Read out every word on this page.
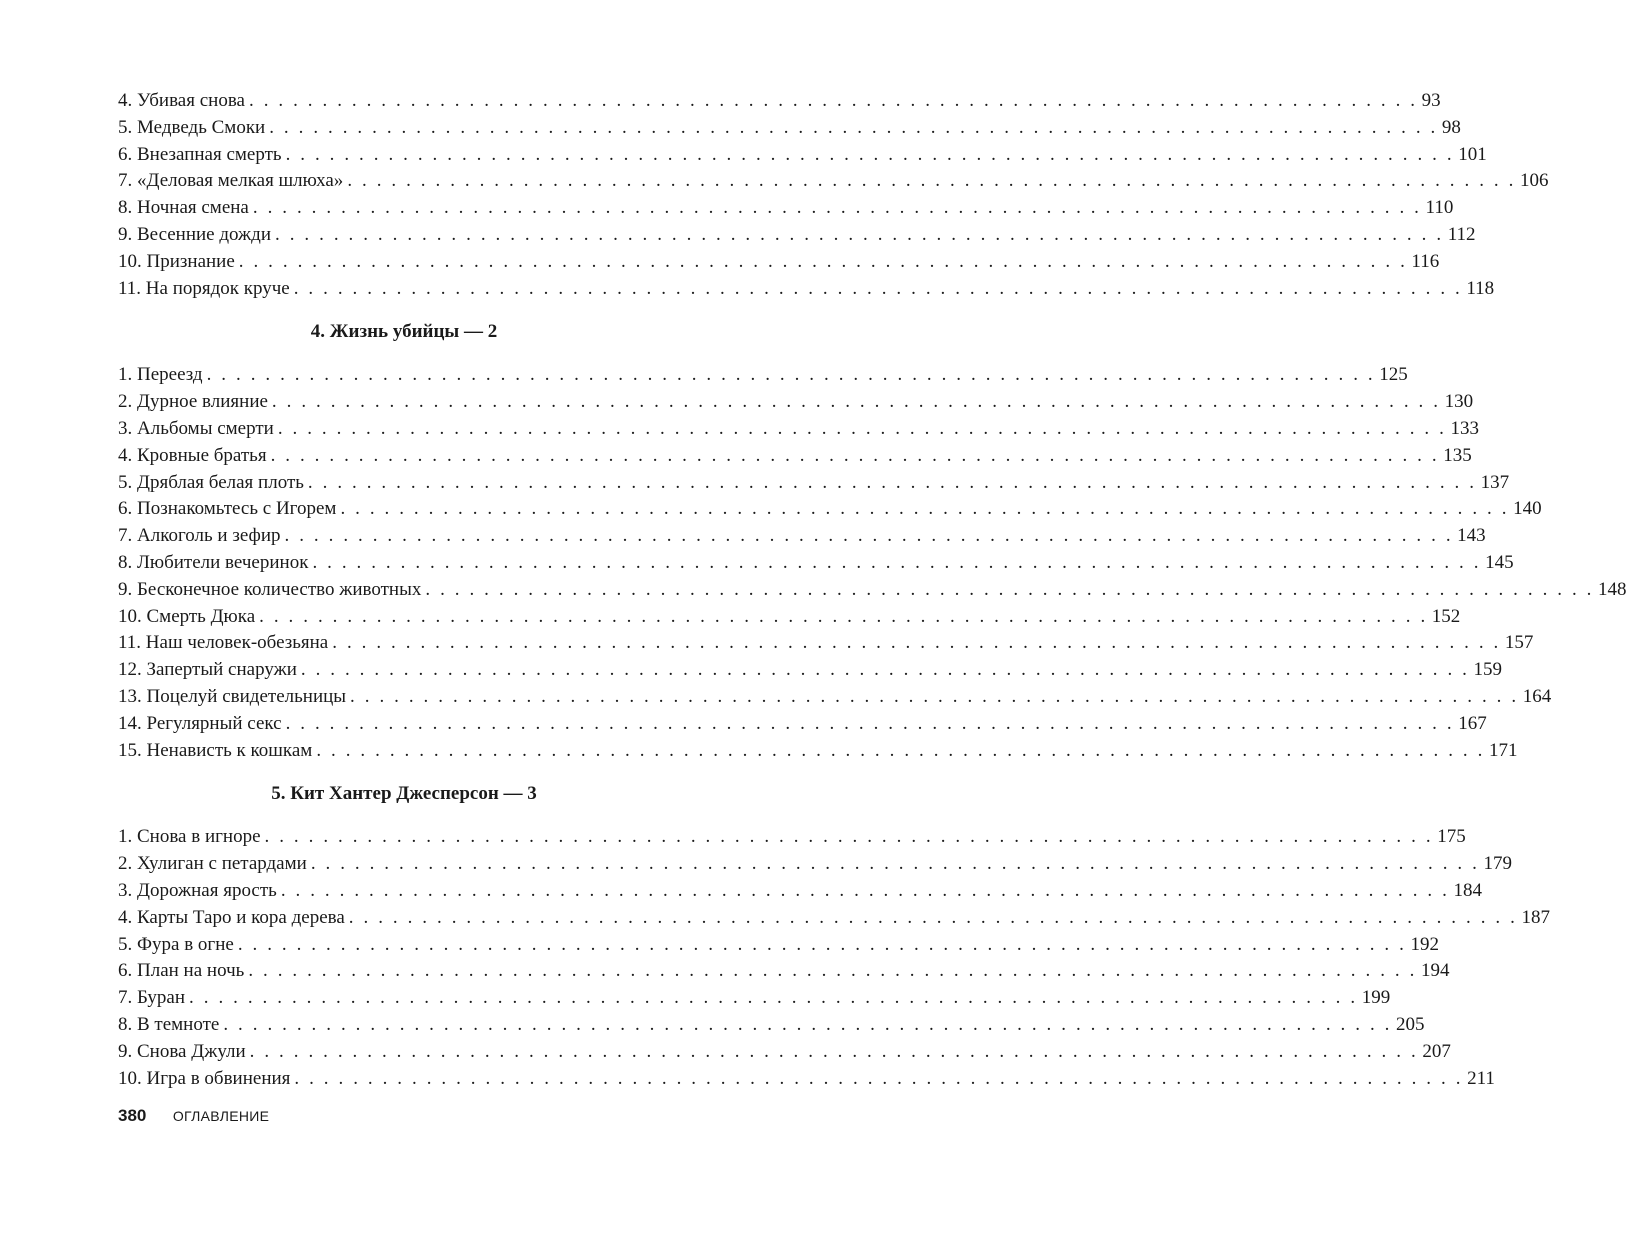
4. Убивая снова . . . . . . . . . . . . . . . . . . . . . . . . . . . . . . . . . . . . . . . . . . . . . . . . . . . . . . . . . . . . . . . . . . . . . . . . . . . . . . . . 93
5. Медведь Смоки . . . . . . . . . . . . . . . . . . . . . . . . . . . . . . . . . . . . . . . . . . . . . . . . . . . . . . . . . . . . . . . . . . . . . . . . . . . . . . . . 98
6. Внезапная смерть . . . . . . . . . . . . . . . . . . . . . . . . . . . . . . . . . . . . . . . . . . . . . . . . . . . . . . . . . . . . . . . . . . . . . . . . . . . . . . . . 101
7. «Деловая мелкая шлюха» . . . . . . . . . . . . . . . . . . . . . . . . . . . . . . . . . . . . . . . . . . . . . . . . . . . . . . . . . . . . . . . . . . . . . . . . . . . . . . . . 106
8. Ночная смена . . . . . . . . . . . . . . . . . . . . . . . . . . . . . . . . . . . . . . . . . . . . . . . . . . . . . . . . . . . . . . . . . . . . . . . . . . . . . . . . 110
9. Весенние дожди . . . . . . . . . . . . . . . . . . . . . . . . . . . . . . . . . . . . . . . . . . . . . . . . . . . . . . . . . . . . . . . . . . . . . . . . . . . . . . . . 112
10. Признание . . . . . . . . . . . . . . . . . . . . . . . . . . . . . . . . . . . . . . . . . . . . . . . . . . . . . . . . . . . . . . . . . . . . . . . . . . . . . . . . 116
11. На порядок круче . . . . . . . . . . . . . . . . . . . . . . . . . . . . . . . . . . . . . . . . . . . . . . . . . . . . . . . . . . . . . . . . . . . . . . . . . . . . . . . . 118
4. Жизнь убийцы — 2
1. Переезд . . . . . . . . . . . . . . . . . . . . . . . . . . . . . . . . . . . . . . . . . . . . . . . . . . . . . . . . . . . . . . . . . . . . . . . . . . . . . . . . 125
2. Дурное влияние . . . . . . . . . . . . . . . . . . . . . . . . . . . . . . . . . . . . . . . . . . . . . . . . . . . . . . . . . . . . . . . . . . . . . . . . . . . . . . . . 130
3. Альбомы смерти . . . . . . . . . . . . . . . . . . . . . . . . . . . . . . . . . . . . . . . . . . . . . . . . . . . . . . . . . . . . . . . . . . . . . . . . . . . . . . . . 133
4. Кровные братья . . . . . . . . . . . . . . . . . . . . . . . . . . . . . . . . . . . . . . . . . . . . . . . . . . . . . . . . . . . . . . . . . . . . . . . . . . . . . . . . 135
5. Дряблая белая плоть . . . . . . . . . . . . . . . . . . . . . . . . . . . . . . . . . . . . . . . . . . . . . . . . . . . . . . . . . . . . . . . . . . . . . . . . . . . . . . . . 137
6. Познакомьтесь с Игорем . . . . . . . . . . . . . . . . . . . . . . . . . . . . . . . . . . . . . . . . . . . . . . . . . . . . . . . . . . . . . . . . . . . . . . . . . . . . . . . . 140
7. Алкоголь и зефир . . . . . . . . . . . . . . . . . . . . . . . . . . . . . . . . . . . . . . . . . . . . . . . . . . . . . . . . . . . . . . . . . . . . . . . . . . . . . . . . 143
8. Любители вечеринок . . . . . . . . . . . . . . . . . . . . . . . . . . . . . . . . . . . . . . . . . . . . . . . . . . . . . . . . . . . . . . . . . . . . . . . . . . . . . . . . 145
9. Бесконечное количество животных . . . . . . . . . . . . . . . . . . . . . . . . . . . . . . . . . . . . . . . . . . . . . . . . . . . . . . . . . . . . . . . . . . . . . . . . . . . . . . . . 148
10. Смерть Дюка . . . . . . . . . . . . . . . . . . . . . . . . . . . . . . . . . . . . . . . . . . . . . . . . . . . . . . . . . . . . . . . . . . . . . . . . . . . . . . . . 152
11. Наш человек-обезьяна . . . . . . . . . . . . . . . . . . . . . . . . . . . . . . . . . . . . . . . . . . . . . . . . . . . . . . . . . . . . . . . . . . . . . . . . . . . . . . . . 157
12. Запертый снаружи . . . . . . . . . . . . . . . . . . . . . . . . . . . . . . . . . . . . . . . . . . . . . . . . . . . . . . . . . . . . . . . . . . . . . . . . . . . . . . . . 159
13. Поцелуй свидетельницы . . . . . . . . . . . . . . . . . . . . . . . . . . . . . . . . . . . . . . . . . . . . . . . . . . . . . . . . . . . . . . . . . . . . . . . . . . . . . . . . 164
14. Регулярный секс . . . . . . . . . . . . . . . . . . . . . . . . . . . . . . . . . . . . . . . . . . . . . . . . . . . . . . . . . . . . . . . . . . . . . . . . . . . . . . . . 167
15. Ненависть к кошкам . . . . . . . . . . . . . . . . . . . . . . . . . . . . . . . . . . . . . . . . . . . . . . . . . . . . . . . . . . . . . . . . . . . . . . . . . . . . . . . . 171
5. Кит Хантер Джесперсон — 3
1. Снова в игноре . . . . . . . . . . . . . . . . . . . . . . . . . . . . . . . . . . . . . . . . . . . . . . . . . . . . . . . . . . . . . . . . . . . . . . . . . . . . . . . . 175
2. Хулиган с петардами . . . . . . . . . . . . . . . . . . . . . . . . . . . . . . . . . . . . . . . . . . . . . . . . . . . . . . . . . . . . . . . . . . . . . . . . . . . . . . . . 179
3. Дорожная ярость . . . . . . . . . . . . . . . . . . . . . . . . . . . . . . . . . . . . . . . . . . . . . . . . . . . . . . . . . . . . . . . . . . . . . . . . . . . . . . . . 184
4. Карты Таро и кора дерева . . . . . . . . . . . . . . . . . . . . . . . . . . . . . . . . . . . . . . . . . . . . . . . . . . . . . . . . . . . . . . . . . . . . . . . . . . . . . . . . 187
5. Фура в огне . . . . . . . . . . . . . . . . . . . . . . . . . . . . . . . . . . . . . . . . . . . . . . . . . . . . . . . . . . . . . . . . . . . . . . . . . . . . . . . . 192
6. План на ночь . . . . . . . . . . . . . . . . . . . . . . . . . . . . . . . . . . . . . . . . . . . . . . . . . . . . . . . . . . . . . . . . . . . . . . . . . . . . . . . . 194
7. Буран . . . . . . . . . . . . . . . . . . . . . . . . . . . . . . . . . . . . . . . . . . . . . . . . . . . . . . . . . . . . . . . . . . . . . . . . . . . . . . . . 199
8. В темноте . . . . . . . . . . . . . . . . . . . . . . . . . . . . . . . . . . . . . . . . . . . . . . . . . . . . . . . . . . . . . . . . . . . . . . . . . . . . . . . . 205
9. Снова Джули . . . . . . . . . . . . . . . . . . . . . . . . . . . . . . . . . . . . . . . . . . . . . . . . . . . . . . . . . . . . . . . . . . . . . . . . . . . . . . . . 207
10. Игра в обвинения . . . . . . . . . . . . . . . . . . . . . . . . . . . . . . . . . . . . . . . . . . . . . . . . . . . . . . . . . . . . . . . . . . . . . . . . . . . . . . . . 211
380 ОГЛАВЛЕНИЕ
